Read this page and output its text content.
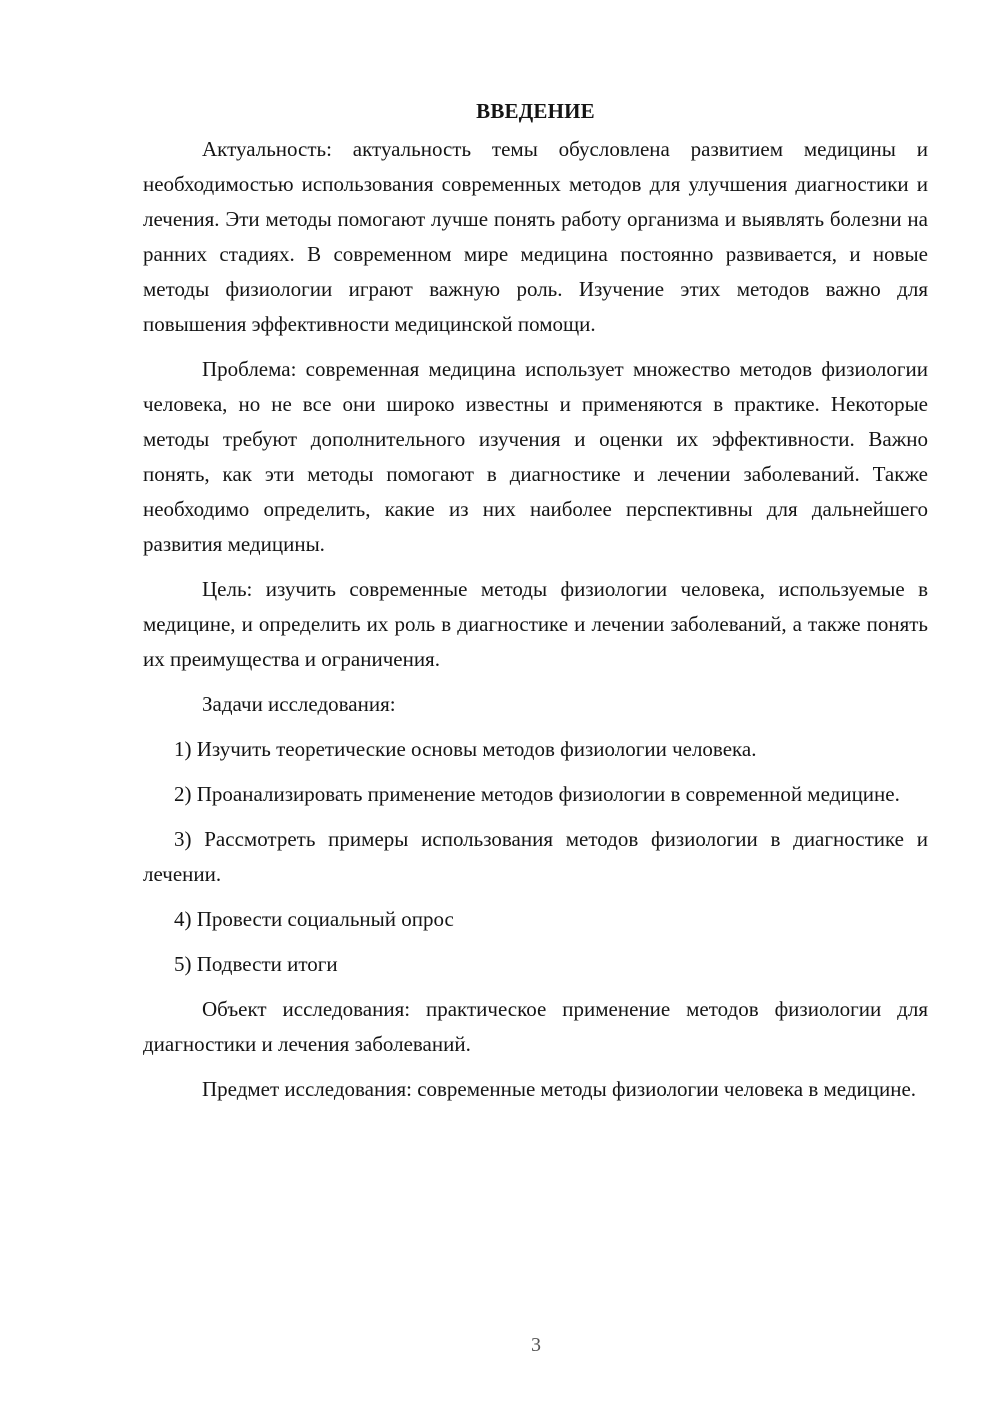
ВВЕДЕНИЕ

Актуальность: актуальность темы обусловлена развитием медицины и необходимостью использования современных методов для улучшения диагностики и лечения. Эти методы помогают лучше понять работу организма и выявлять болезни на ранних стадиях. В современном мире медицина постоянно развивается, и новые методы физиологии играют важную роль. Изучение этих методов важно для повышения эффективности медицинской помощи.

Проблема: современная медицина использует множество методов физиологии человека, но не все они широко известны и применяются в практике. Некоторые методы требуют дополнительного изучения и оценки их эффективности. Важно понять, как эти методы помогают в диагностике и лечении заболеваний. Также необходимо определить, какие из них наиболее перспективны для дальнейшего развития медицины.

Цель: изучить современные методы физиологии человека, используемые в медицине, и определить их роль в диагностике и лечении заболеваний, а также понять их преимущества и ограничения.

Задачи исследования:

1) Изучить теоретические основы методов физиологии человека.

2) Проанализировать применение методов физиологии в современной медицине.

3) Рассмотреть примеры использования методов физиологии в диагностике и лечении.

4) Провести социальный опрос

5) Подвести итоги

Объект исследования: практическое применение методов физиологии для диагностики и лечения заболеваний.

Предмет исследования: современные методы физиологии человека в медицине.

3
